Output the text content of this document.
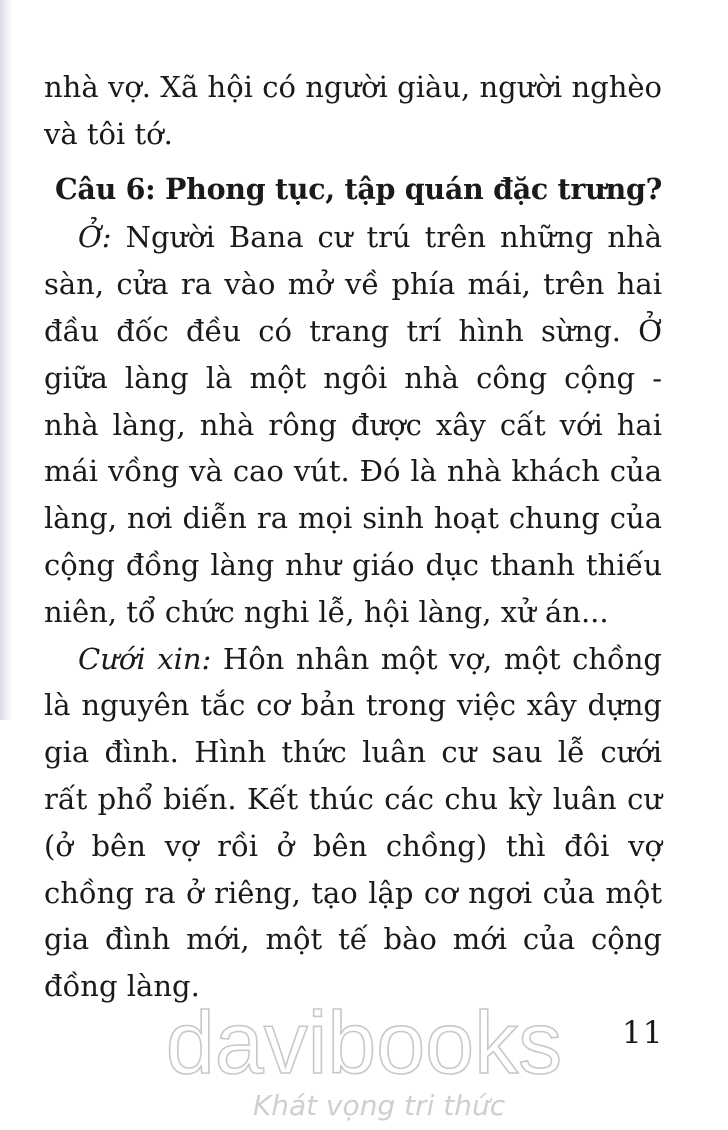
nhà vợ. Xã hội có người giàu, người nghèo và tôi tớ.

Câu 6: Phong tục, tập quán đặc trưng?

Ở: Người Bana cư trú trên những nhà sàn, cửa ra vào mở về phía mái, trên hai đầu đốc đều có trang trí hình sừng. Ở giữa làng là một ngôi nhà công cộng - nhà làng, nhà rông được xây cất với hai mái vồng và cao vút. Đó là nhà khách của làng, nơi diễn ra mọi sinh hoạt chung của cộng đồng làng như giáo dục thanh thiếu niên, tổ chức nghi lễ, hội làng, xử án...

Cưới xin: Hôn nhân một vợ, một chồng là nguyên tắc cơ bản trong việc xây dựng gia đình. Hình thức luân cư sau lễ cưới rất phổ biến. Kết thúc các chu kỳ luân cư (ở bên vợ rồi ở bên chồng) thì đôi vợ chồng ra ở riêng, tạo lập cơ ngơi của một gia đình mới, một tế bào mới của cộng đồng làng.

11
davibooks
Khát vọng tri thức
